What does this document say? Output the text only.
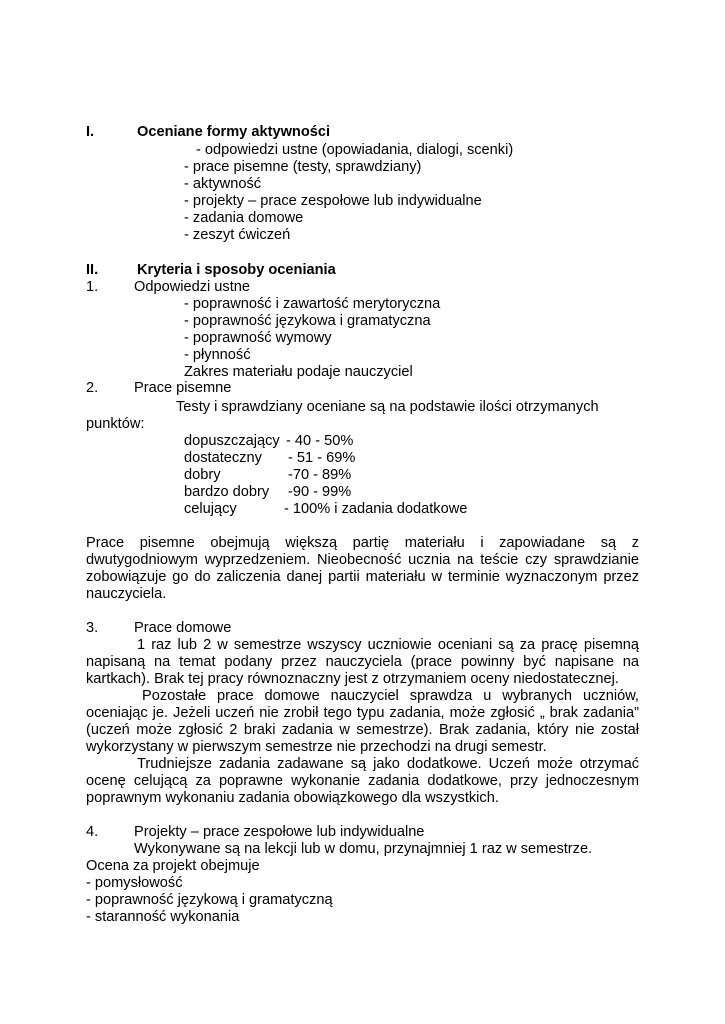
I.	Oceniane formy aktywności
- odpowiedzi ustne (opowiadania, dialogi, scenki)
- prace pisemne (testy, sprawdziany)
- aktywność
- projekty – prace zespołowe lub indywidualne
- zadania domowe
- zeszyt ćwiczeń
II.	Kryteria i sposoby oceniania
1. Odpowiedzi ustne
- poprawność i zawartość merytoryczna
- poprawność językowa i gramatyczna
- poprawność wymowy
- płynność
Zakres materiału podaje nauczyciel
2. Prace pisemne
Testy i sprawdziany oceniane są na podstawie ilości otrzymanych
punktów:
dopuszczający - 40 - 50%
dostateczny - 51 - 69%
dobry	-70 - 89%
bardzo dobry -90 - 99%
celujący	- 100% i zadania dodatkowe
Prace pisemne obejmują większą partię materiału i zapowiadane są z
dwutygodniowym wyprzedzeniem. Nieobecność ucznia na teście czy sprawdzianie
zobowiązuje go do zaliczenia danej partii materiału w terminie wyznaczonym przez
nauczyciela.
3. Prace domowe
1 raz lub 2 w semestrze wszyscy uczniowie oceniani są za pracę pisemną
napisaną na temat podany przez nauczyciela (prace powinny być napisane na
kartkach). Brak tej pracy równoznaczny jest z otrzymaniem oceny niedostatecznej.
Pozostałe prace domowe nauczyciel sprawdza u wybranych uczniów,
oceniając je. Jeżeli uczeń nie zrobił tego typu zadania, może zgłosić „ brak zadania”
(uczeń może zgłosić 2 braki zadania w semestrze). Brak zadania, który nie został
wykorzystany w pierwszym semestrze nie przechodzi na drugi semestr.
Trudniejsze zadania zadawane są jako dodatkowe. Uczeń może otrzymać
ocenę celującą za poprawne wykonanie zadania dodatkowe, przy jednoczesnym
poprawnym wykonaniu zadania obowiązkowego dla wszystkich.
4. Projekty – prace zespołowe lub indywidualne
Wykonywane są na lekcji lub w domu, przynajmniej 1 raz w semestrze.
Ocena za projekt obejmuje
- pomysłowość
- poprawność językową i gramatyczną
- staranność wykonania
